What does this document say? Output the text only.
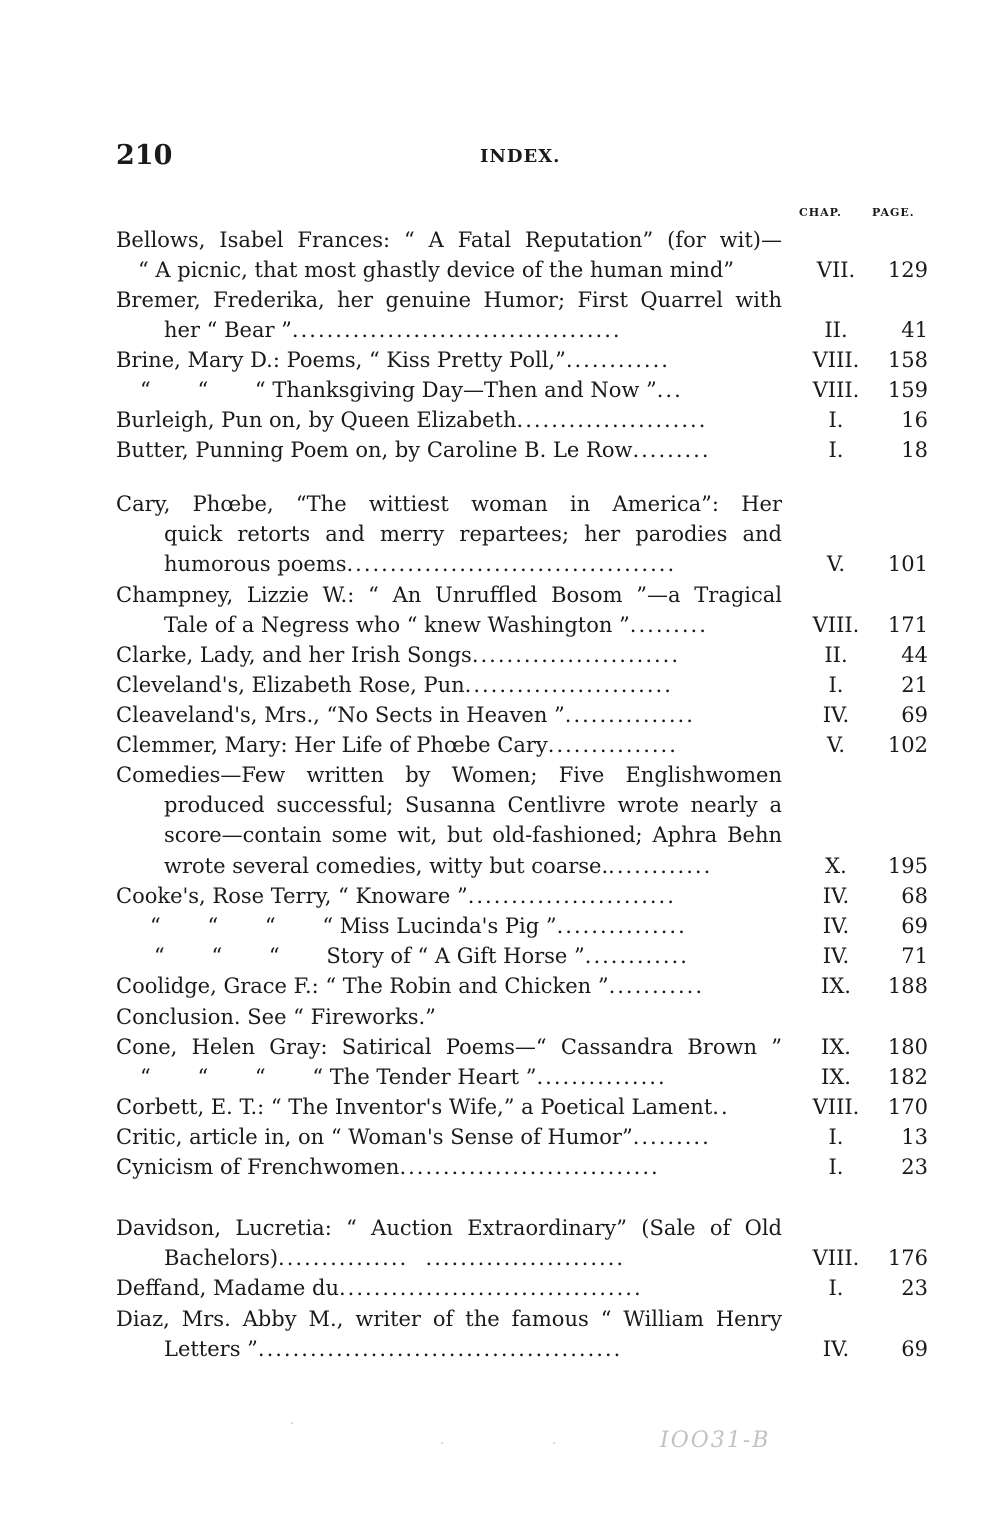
210	INDEX.
CHAP.	PAGE.
Bellows, Isabel Frances: “ A Fatal Reputation” (for wit)—
“ A picnic, that most ghastly device of the human mind”	VII.	129
Bremer, Frederika, her genuine Humor; First Quarrel with
her “ Bear ”......................................	II.	41
Brine, Mary D.: Poems, “ Kiss Pretty Poll,”............	VIII.	158
“       “       “ Thanksgiving Day—Then and Now ”...	VIII.	159
Burleigh, Pun on, by Queen Elizabeth......................	I.	16
Butter, Punning Poem on, by Caroline B. Le Row.........	I.	18
Cary, Phœbe, “The wittiest woman in America”: Her
quick retorts and merry repartees; her parodies and
humorous poems......................................	V.	101
Champney, Lizzie W.: “ An Unruffled Bosom ”—a Tragical
Tale of a Negress who “ knew Washington ”.........	VIII.	171
Clarke, Lady, and her Irish Songs........................	II.	44
Cleveland's, Elizabeth Rose, Pun........................	I.	21
Cleaveland's, Mrs., “No Sects in Heaven ”...............	IV.	69
Clemmer, Mary: Her Life of Phœbe Cary...............	V.	102
Comedies—Few written by Women; Five Englishwomen
produced successful; Susanna Centlivre wrote nearly a
score—contain some wit, but old-fashioned; Aphra Behn
wrote several comedies, witty but coarse.............	X.	195
Cooke's, Rose Terry, “ Knoware ”........................	IV.	68
“       “       “       “ Miss Lucinda's Pig ”...............	IV.	69
“       “       “       Story of “ A Gift Horse ”............	IV.	71
Coolidge, Grace F.: “ The Robin and Chicken ”...........	IX.	188
Conclusion. See “ Fireworks.”
Cone, Helen Gray: Satirical Poems—“ Cassandra Brown ”	IX.	180
“       “       “       “ The Tender Heart ”...............	IX.	182
Corbett, E. T.: “ The Inventor's Wife,” a Poetical Lament..	VIII.	170
Critic, article in, on “ Woman's Sense of Humor”.........	I.	13
Cynicism of Frenchwomen..............................	I.	23
Davidson, Lucretia: “ Auction Extraordinary” (Sale of Old
Bachelors)...............  .......................	VIII.	176
Deffand, Madame du...................................	I.	23
Diaz, Mrs. Abby M., writer of the famous “ William Henry
Letters ”..........................................	IV.	69
·
·	·	IOO31-B
